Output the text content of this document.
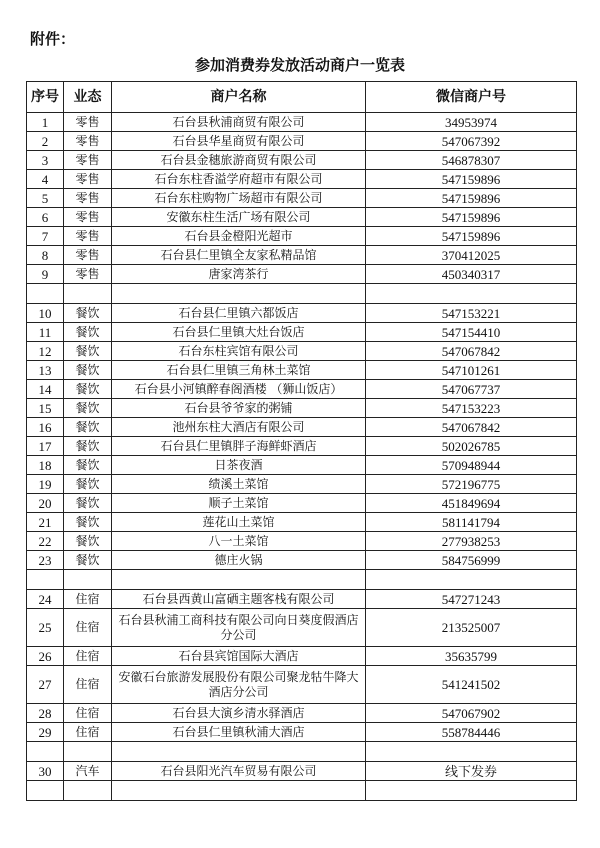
附件：
参加消费券发放活动商户一览表
序号	业态	商户名称	微信商户号
1	零售	石台县秋浦商贸有限公司	34953974
2	零售	石台县华星商贸有限公司	547067392
3	零售	石台县金穗旅游商贸有限公司	546878307
4	零售	石台东柱香溢学府超市有限公司	547159896
5	零售	石台东柱购物广场超市有限公司	547159896
6	零售	安徽东柱生活广场有限公司	547159896
7	零售	石台县金橙阳光超市	547159896
8	零售	石台县仁里镇全友家私精品馆	370412025
9	零售	唐家湾茶行	450340317

10	餐饮	石台县仁里镇六都饭店	547153221
11	餐饮	石台县仁里镇大灶台饭店	547154410
12	餐饮	石台东柱宾馆有限公司	547067842
13	餐饮	石台县仁里镇三角林土菜馆	547101261
14	餐饮	石台县小河镇醉春阁酒楼 （狮山饭店）	547067737
15	餐饮	石台县爷爷家的粥铺	547153223
16	餐饮	池州东柱大酒店有限公司	547067842
17	餐饮	石台县仁里镇胖子海鲜虾酒店	502026785
18	餐饮	日茶夜酒	570948944
19	餐饮	绩溪土菜馆	572196775
20	餐饮	顺子土菜馆	451849694
21	餐饮	莲花山土菜馆	581141794
22	餐饮	八一土菜馆	277938253
23	餐饮	德庄火锅	584756999

24	住宿	石台县西黄山富硒主题客栈有限公司	547271243
25	住宿	石台县秋浦工商科技有限公司向日葵度假酒店分公司	213525007
26	住宿	石台县宾馆国际大酒店	35635799
27	住宿	安徽石台旅游发展股份有限公司聚龙牯牛降大酒店分公司	541241502
28	住宿	石台县大演乡清水驿酒店	547067902
29	住宿	石台县仁里镇秋浦大酒店	558784446

30	汽车	石台县阳光汽车贸易有限公司	线下发券
